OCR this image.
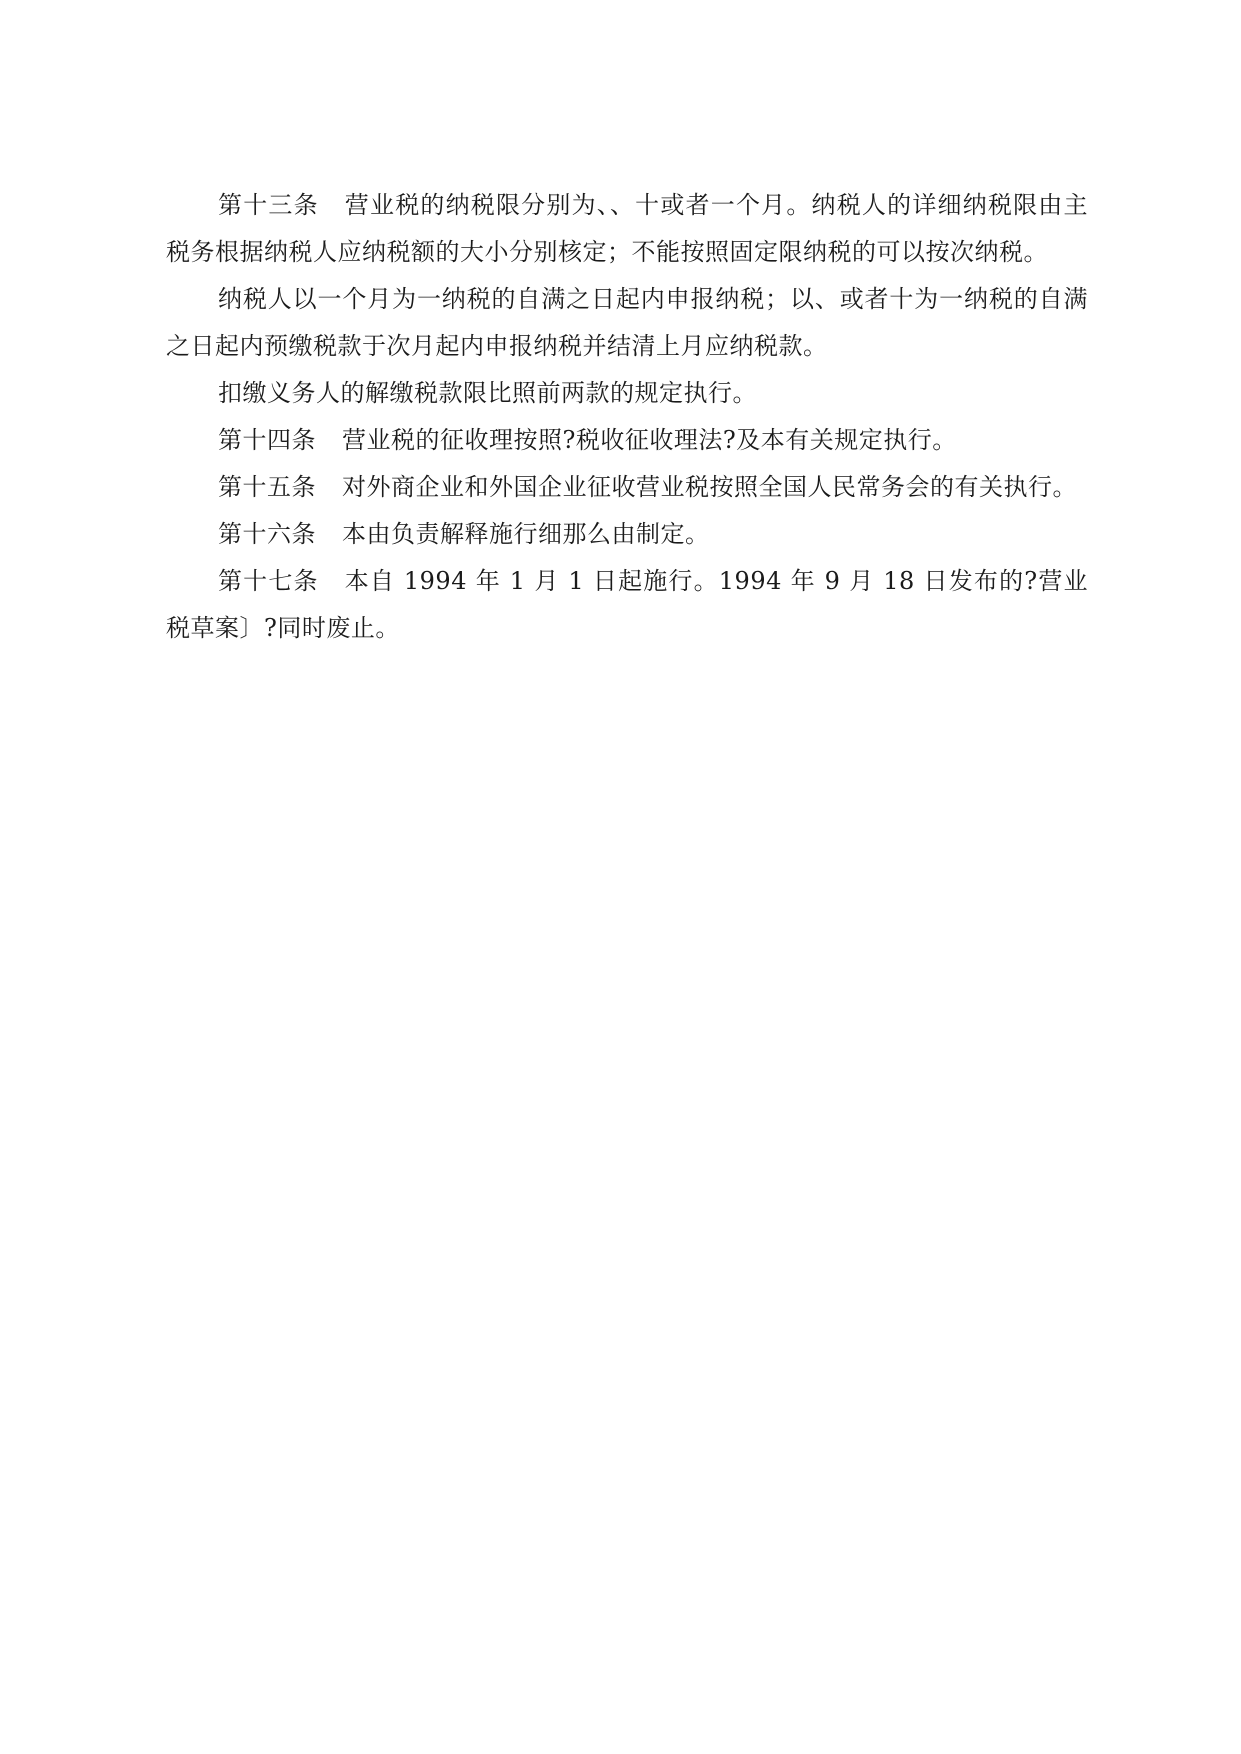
第十三条 营业税的纳税限分别为、、十或者一个月。纳税人的详细纳税限由主税务根据纳税人应纳税额的大小分别核定；不能按照固定限纳税的可以按次纳税。

纳税人以一个月为一纳税的自满之日起内申报纳税；以、或者十为一纳税的自满之日起内预缴税款于次月起内申报纳税并结清上月应纳税款。

扣缴义务人的解缴税款限比照前两款的规定执行。

第十四条 营业税的征收理按照?税收征收理法?及本有关规定执行。

第十五条 对外商企业和外国企业征收营业税按照全国人民常务会的有关执行。

第十六条 本由负责解释施行细那么由制定。

第十七条 本自 1994 年 1 月 1 日起施行。1994 年 9 月 18 日发布的?营业税草案〕?同时废止。
